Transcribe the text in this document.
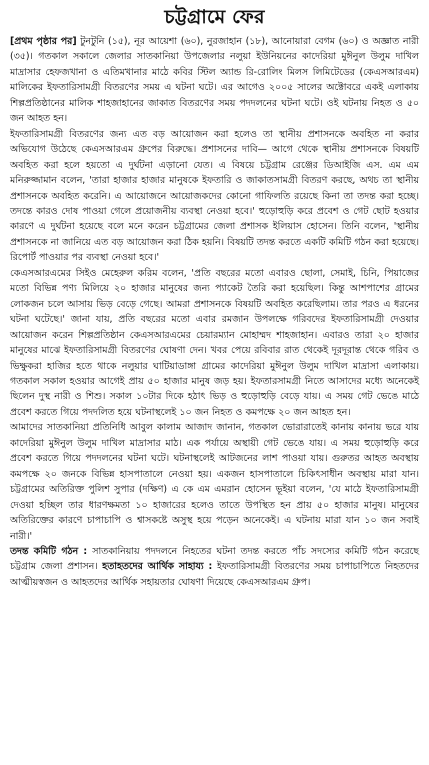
চট্টগ্রামে ফের

[প্রথম পৃষ্ঠার পর] টুনটুনি (১৫), নূর আয়েশা (৬০), নুরজাহান (১৮), আনোয়ারা বেগম (৬০) ও অজ্ঞাত নারী (৩৫)। গতকাল সকালে জেলার সাতকানিয়া উপজেলার নলুয়া ইউনিয়নের কাদেরিয়া মুঈনুল উলুম দাখিল মাদ্রাসার হেফজখানা ও এতিমখানার মাঠে কবির স্টিল অ্যান্ড রি-রোলিং মিলস লিমিটেডের (কেএসআরএম) মালিকের ইফতারিসামগ্রী বিতরণের সময় এ ঘটনা ঘটে। এর আগেও ২০০৫ সালের অক্টোবরে একই এলাকায় শিল্পপ্রতিষ্ঠানের মালিক শাহজাহানের জাকাত বিতরণের সময় পদদলনের ঘটনা ঘটে। ওই ঘটনায় নিহত ও ৫০ জন আহত হন।

ইফতারিসামগ্রী বিতরণের জন্য এত বড় আয়োজন করা হলেও তা স্থানীয় প্রশাসনকে অবহিত না করার অভিযোগ উঠেছে কেএসআরএম গ্রুপের বিরুদ্ধে। প্রশাসনের দাবি— আগে থেকে স্থানীয় প্রশাসনকে বিষয়টি অবহিত করা হলে হয়তো এ দুর্ঘটনা এড়ানো যেত। এ বিষয়ে চট্টগ্রাম রেঞ্জের ডিআইজি এস. এম এম মনিরুজ্জামান বলেন, 'তারা হাজার হাজার মানুষকে ইফতারি ও জাকাতসামগ্রী বিতরণ করছে, অথচ তা স্থানীয় প্রশাসনকে অবহিত করেনি। এ আয়োজনে আয়োজকদের কোনো গাফিলতি রয়েছে কিনা তা তদন্ত করা হচ্ছে। তদন্তে কারও দোষ পাওয়া গেলে প্রয়োজনীয় ব্যবস্থা নেওয়া হবে।' হুড়োহুড়ি করে প্রবেশ ও গেট ছোট হওয়ার কারণে এ দুর্ঘটনা হয়েছে বলে মনে করেন চট্টগ্রামের জেলা প্রশাসক ইলিয়াস হোসেন। তিনি বলেন, 'স্থানীয় প্রশাসনকে না জানিয়ে এত বড় আয়োজন করা ঠিক হয়নি। বিষয়টি তদন্ত করতে একটি কমিটি গঠন করা হয়েছে। রিপোর্ট পাওয়ার পর ব্যবস্থা নেওয়া হবে।'

কেএসআরএমের সিইও মেহেরুল করিম বলেন, 'প্রতি বছরের মতো এবারও ছোলা, সেমাই, চিনি, পিয়াজের মতো বিভিন্ন পণ্য মিলিয়ে ২০ হাজার মানুষের জন্য প্যাকেট তৈরি করা হয়েছিল। কিন্তু আশপাশের গ্রামের লোকজন চলে আসায় ভিড় বেড়ে গেছে। আমরা প্রশাসনকে বিষয়টি অবহিত করেছিলাম। তার পরও এ ধরনের ঘটনা ঘটেছে।' জানা যায়, প্রতি বছরের মতো এবার রমজান উপলক্ষে গরিবদের ইফতারিসামগ্রী দেওয়ার আয়োজন করেন শিল্পপ্রতিষ্ঠান কেএসআরএমের চেয়ারম্যান মোহাম্মদ শাহজাহান। এবারও তারা ২০ হাজার মানুষের মাঝে ইফতারিসামগ্রী বিতরণের ঘোষণা দেন। খবর পেয়ে রবিবার রাত থেকেই দূরদূরান্ত থেকে গরিব ও ভিক্ষুকরা হাজির হতে থাকে নলুয়ার ঘাটিয়াডাঙ্গা গ্রামের কাদেরিয়া মুঈনুল উলুম দাখিল মাদ্রাসা এলাকায়। গতকাল সকাল হওয়ার আগেই প্রায় ৫০ হাজার মানুষ জড় হয়। ইফতারসামগ্রী নিতে আসাদের মধ্যে অনেকেই ছিলেন দুস্থ নারী ও শিশু। সকাল ১০টার দিকে হঠাৎ ভিড় ও হুড়োহুড়ি বেড়ে যায়। এ সময় গেট ভেঙে মাঠে প্রবেশ করতে গিয়ে পদদলিত হয়ে ঘটনাস্থলেই ১০ জন নিহত ও কমপক্ষে ২০ জন আহত হন।

আমাদের সাতকানিয়া প্রতিনিধি আবুল কালাম আজাদ জানান, গতকাল ভোরারাতেই কানায় কানায় ভরে যায় কাদেরিয়া মুঈনুল উলুম দাখিল মাদ্রাসার মাঠ। এক পর্যায়ে অস্থায়ী গেট ভেঙে যায়। এ সময় হুড়োহুড়ি করে প্রবেশ করতে গিয়ে পদদলনের ঘটনা ঘটে। ঘটনাস্থলেই আটজনের লাশ পাওয়া যায়। গুরুতর আহত অবস্থায় কমপক্ষে ২০ জনকে বিভিন্ন হাসপাতালে নেওয়া হয়। একজন হাসপাতালে চিকিৎসাধীন অবস্থায় মারা যান। চট্টগ্রামের অতিরিক্ত পুলিশ সুপার (দক্ষিণ) এ কে এম এমরান হোসেন ভূইয়া বলেন, 'যে মাঠে ইফতারিসামগ্রী দেওয়া হচ্ছিল তার ধারণক্ষমতা ১০ হাজারের হলেও তাতে উপস্থিত হন প্রায় ৫০ হাজার মানুষ। মানুষের অতিরিক্তের কারণে চাপাচাপি ও শ্বাসকষ্টে অসুস্থ হয়ে পড়েন অনেকেই। এ ঘটনায় মারা যান ১০ জন সবাই নারী।'

তদন্ত কমিটি গঠন : সাতকানিয়ায় পদদলনে নিহতের ঘটনা তদন্ত করতে পাঁচ সদস্যের কমিটি গঠন করেছে চট্টগ্রাম জেলা প্রশাসন। হতাহতদের আর্থিক সাহায্য : ইফতারিসামগ্রী বিতরণের সময় চাপাচাপিতে নিহতদের আত্মীয়স্বজন ও আহতদের আর্থিক সহায়তার ঘোষণা দিয়েছে কেএসআরএম গ্রুপ।
